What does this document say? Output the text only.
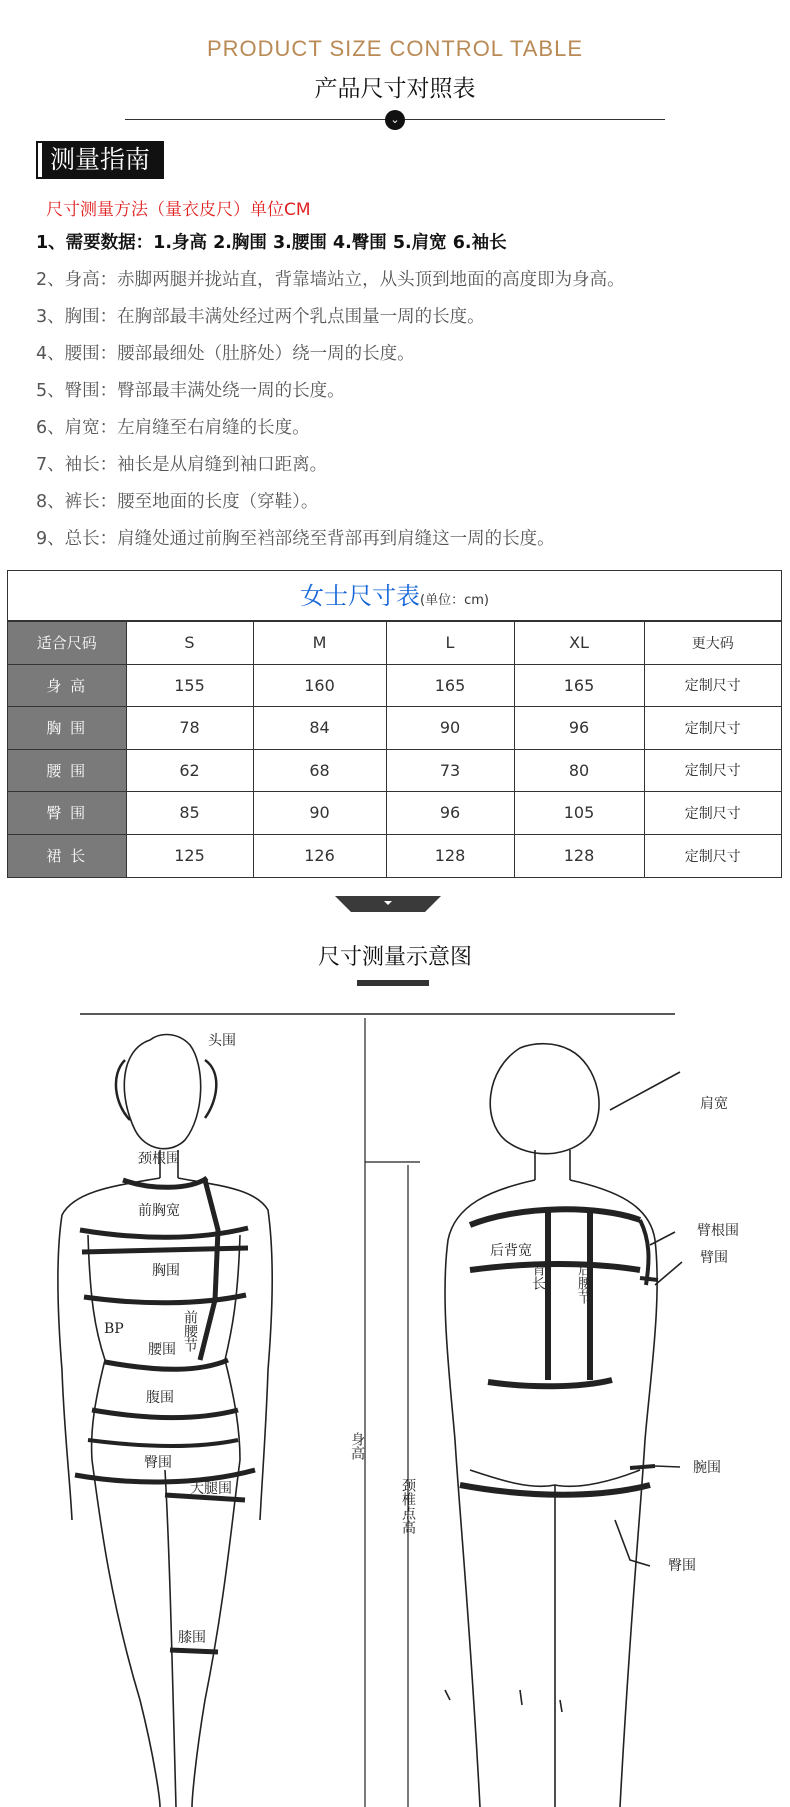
PRODUCT SIZE CONTROL TABLE
产品尺寸对照表
⌄
测量指南
尺寸测量方法（量衣皮尺）单位CM
1、需要数据：1.身高 2.胸围 3.腰围 4.臀围 5.肩宽 6.袖长
2、身高：赤脚两腿并拢站直，背靠墙站立，从头顶到地面的高度即为身高。
3、胸围：在胸部最丰满处经过两个乳点围量一周的长度。
4、腰围：腰部最细处（肚脐处）绕一周的长度。
5、臀围：臀部最丰满处绕一周的长度。
6、肩宽：左肩缝至右肩缝的长度。
7、袖长：袖长是从肩缝到袖口距离。
8、裤长：腰至地面的长度（穿鞋）。
9、总长：肩缝处通过前胸至裆部绕至背部再到肩缝这一周的长度。
女士尺寸表(单位：cm)
适合尺码	S	M	L	XL	更大码
身 高	155	160	165	165	定制尺寸
胸 围	78	84	90	96	定制尺寸
腰 围	62	68	73	80	定制尺寸
臀 围	85	90	96	105	定制尺寸
裙 长	125	126	128	128	定制尺寸
尺寸测量示意图
头围
颈根围
前胸宽
胸围
BP	前腰节
腰围
腹围
臀围
大腿围
膝围
身高
颈椎点高
肩宽
臂根围
臂围
后背宽
背长 后腰节
腕围
臀围
